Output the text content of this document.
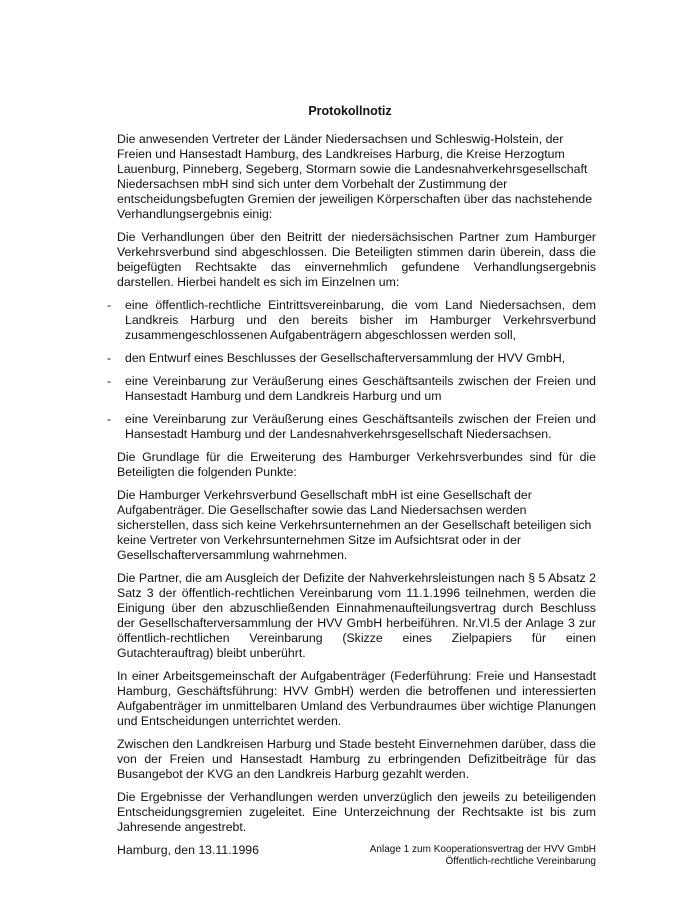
Protokollnotiz

Die anwesenden Vertreter der Länder Niedersachsen und Schleswig-Holstein, der Freien und Hansestadt Hamburg, des Landkreises Harburg, die Kreise Herzogtum Lauenburg, Pinneberg, Segeberg, Stormarn sowie die Landesnahverkehrsgesellschaft Niedersachsen mbH sind sich unter dem Vorbehalt der Zustimmung der entscheidungsbefugten Gremien der jeweiligen Körperschaften über das nachstehende Verhandlungsergebnis einig:

Die Verhandlungen über den Beitritt der niedersächsischen Partner zum Hamburger Verkehrsverbund sind abgeschlossen. Die Beteiligten stimmen darin überein, dass die beigefügten Rechtsakte das einvernehmlich gefundene Verhandlungsergebnis darstellen. Hierbei handelt es sich im Einzelnen um:

- eine öffentlich-rechtliche Eintrittsvereinbarung, die vom Land Niedersachsen, dem Landkreis Harburg und den bereits bisher im Hamburger Verkehrsverbund zusammengeschlossenen Aufgabenträgern abgeschlossen werden soll,
- den Entwurf eines Beschlusses der Gesellschafterversammlung der HVV GmbH,
- eine Vereinbarung zur Veräußerung eines Geschäftsanteils zwischen der Freien und Hansestadt Hamburg und dem Landkreis Harburg und um
- eine Vereinbarung zur Veräußerung eines Geschäftsanteils zwischen der Freien und Hansestadt Hamburg und der Landesnahverkehrsgesellschaft Niedersachsen.

Die Grundlage für die Erweiterung des Hamburger Verkehrsverbundes sind für die Beteiligten die folgenden Punkte:

Die Hamburger Verkehrsverbund Gesellschaft mbH ist eine Gesellschaft der Aufgabenträger. Die Gesellschafter sowie das Land Niedersachsen werden sicherstellen, dass sich keine Verkehrsunternehmen an der Gesellschaft beteiligen sich keine Vertreter von Verkehrsunternehmen Sitze im Aufsichtsrat oder in der Gesellschafterversammlung wahrnehmen.

Die Partner, die am Ausgleich der Defizite der Nahverkehrsleistungen nach § 5 Absatz 2 Satz 3 der öffentlich-rechtlichen Vereinbarung vom 11.1.1996 teilnehmen, werden die Einigung über den abzuschließenden Einnahmenaufteilungsvertrag durch Beschluss der Gesellschafterversammlung der HVV GmbH herbeiführen. Nr.VI.5 der Anlage 3 zur öffentlich-rechtlichen Vereinbarung (Skizze eines Zielpapiers für einen Gutachterauftrag) bleibt unberührt.

In einer Arbeitsgemeinschaft der Aufgabenträger (Federführung: Freie und Hansestadt Hamburg, Geschäftsführung: HVV GmbH) werden die betroffenen und interessierten Aufgabenträger im unmittelbaren Umland des Verbundraumes über wichtige Planungen und Entscheidungen unterrichtet werden.

Zwischen den Landkreisen Harburg und Stade besteht Einvernehmen darüber, dass die von der Freien und Hansestadt Hamburg zu erbringenden Defizitbeiträge für das Busangebot der KVG an den Landkreis Harburg gezahlt werden.

Die Ergebnisse der Verhandlungen werden unverzüglich den jeweils zu beteiligenden Entscheidungsgremien zugeleitet. Eine Unterzeichnung der Rechtsakte ist bis zum Jahresende angestrebt.

Hamburg, den 13.11.1996	Anlage 1 zum Kooperationsvertrag der HVV GmbH
Öffentlich-rechtliche Vereinbarung
